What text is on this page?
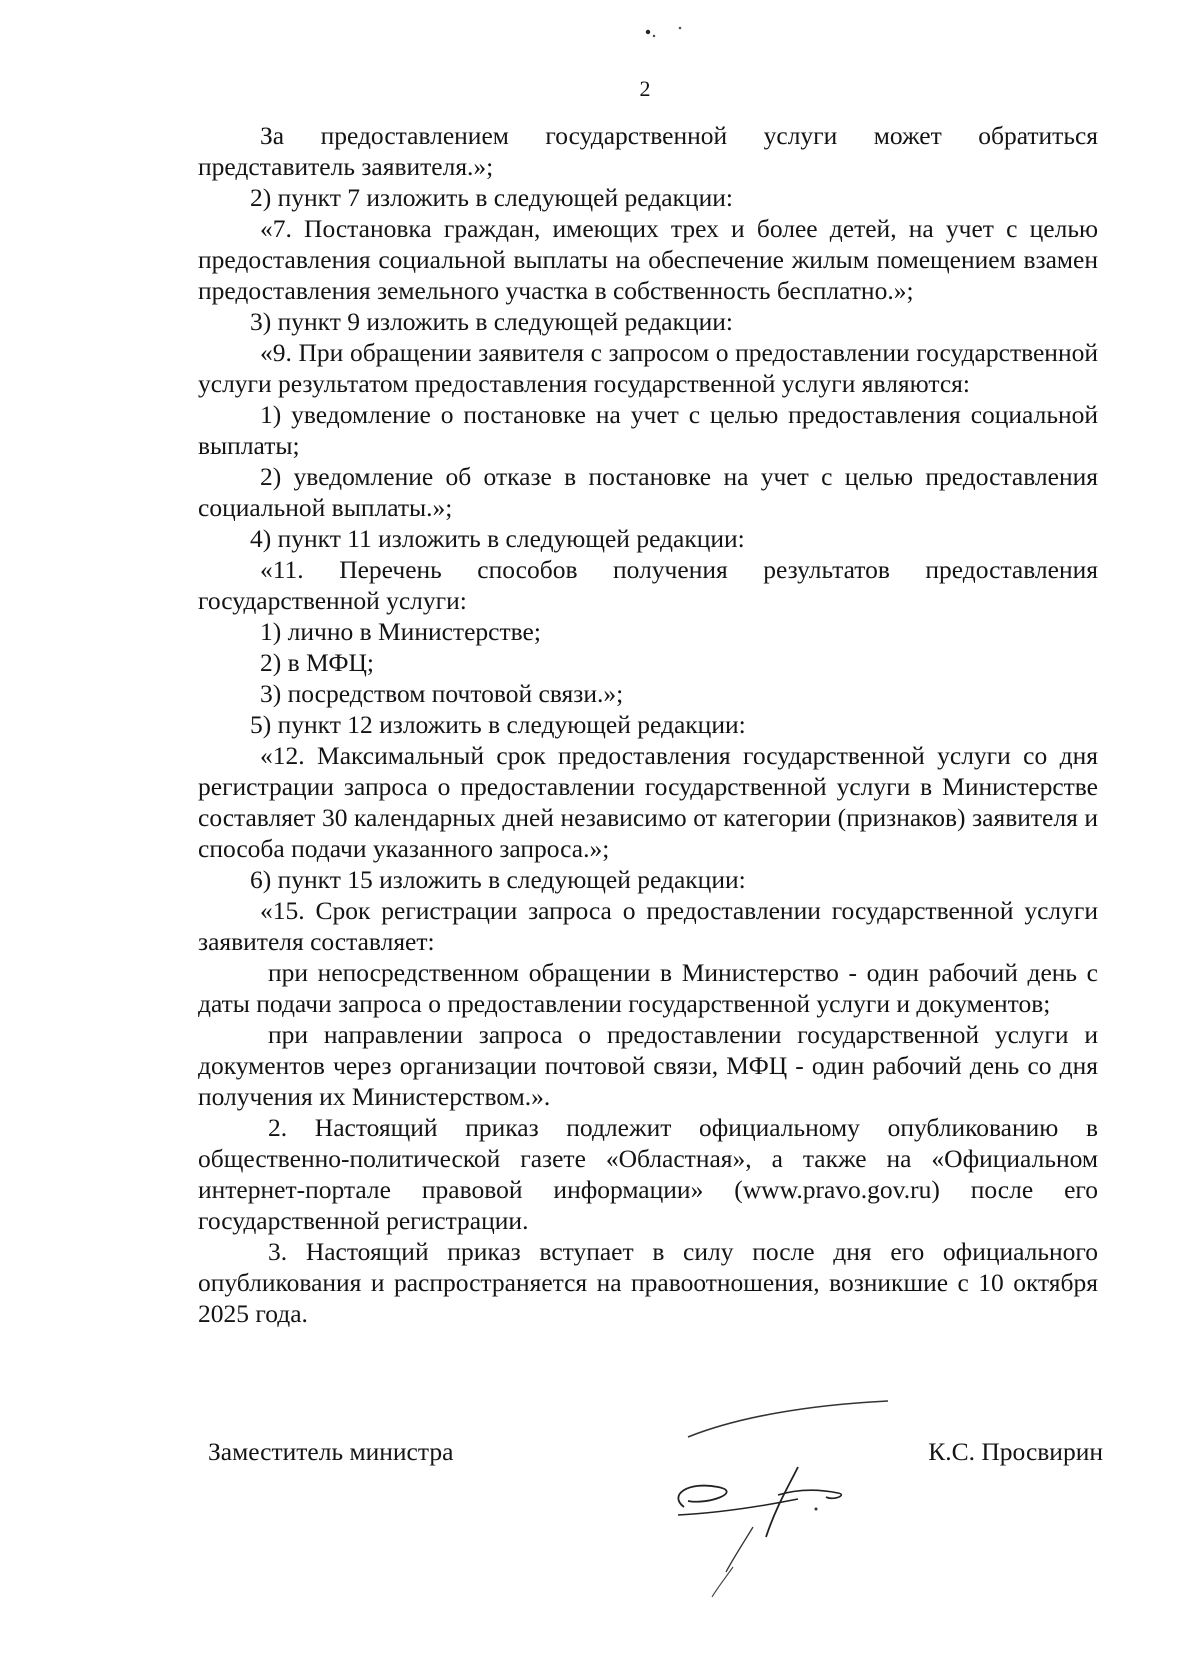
2

За предоставлением государственной услуги может обратиться представитель заявителя.»;

2) пункт 7 изложить в следующей редакции:

«7. Постановка граждан, имеющих трех и более детей, на учет с целью предоставления социальной выплаты на обеспечение жилым помещением взамен предоставления земельного участка в собственность бесплатно.»;

3) пункт 9 изложить в следующей редакции:

«9. При обращении заявителя с запросом о предоставлении государственной услуги результатом предоставления государственной услуги являются:

1) уведомление о постановке на учет с целью предоставления социальной выплаты;

2) уведомление об отказе в постановке на учет с целью предоставления социальной выплаты.»;

4) пункт 11 изложить в следующей редакции:

«11. Перечень способов получения результатов предоставления государственной услуги:

1) лично в Министерстве;

2) в МФЦ;

3) посредством почтовой связи.»;

5) пункт 12 изложить в следующей редакции:

«12. Максимальный срок предоставления государственной услуги со дня регистрации запроса о предоставлении государственной услуги в Министерстве составляет 30 календарных дней независимо от категории (признаков) заявителя и способа подачи указанного запроса.»;

6) пункт 15 изложить в следующей редакции:

«15. Срок регистрации запроса о предоставлении государственной услуги заявителя составляет:

при непосредственном обращении в Министерство - один рабочий день с даты подачи запроса о предоставлении государственной услуги и документов;

при направлении запроса о предоставлении государственной услуги и документов через организации почтовой связи, МФЦ - один рабочий день со дня получения их Министерством.».

2. Настоящий приказ подлежит официальному опубликованию в общественно-политической газете «Областная», а также на «Официальном интернет-портале правовой информации» (www.pravo.gov.ru) после его государственной регистрации.

3. Настоящий приказ вступает в силу после дня его официального опубликования и распространяется на правоотношения, возникшие с 10 октября 2025 года.

Заместитель министра	К.С. Просвирин
